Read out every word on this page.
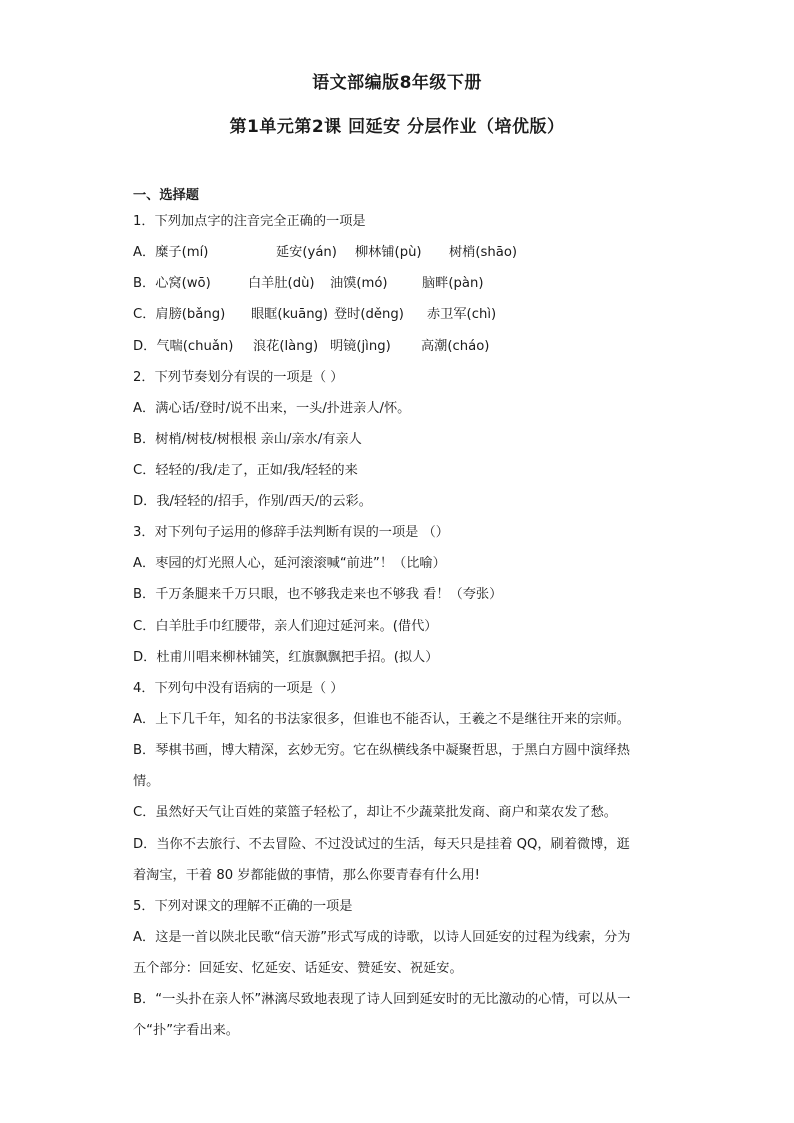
语文部编版8年级下册
第1单元第2课 回延安 分层作业（培优版）
一、选择题
1．下列加点字的注音完全正确的一项是
A．糜子(mí)	延安(yán) 柳林铺(pù) 树梢(shāo)
B．心窝(wō)	白羊肚(dù) 油馍(mó)	脑畔(pàn)
C．肩膀(bǎng) 眼眶(kuāng) 登时(děng) 赤卫军(chì)
D．气喘(chuǎn) 浪花(làng) 明镜(jìng) 高潮(cháo)
2．下列节奏划分有误的一项是（ ）
A．满心话/登时/说不出来，一头/扑进亲人/怀。
B．树梢/树枝/树根根 亲山/亲水/有亲人
C．轻轻的/我/走了，正如/我/轻轻的来
D．我/轻轻的/招手，作别/西天/的云彩。
3．对下列句子运用的修辞手法判断有误的一项是 （）
A．枣园的灯光照人心，延河滚滚喊“前进”！（比喻）
B．千万条腿来千万只眼，也不够我走来也不够我 看！（夸张）
C．白羊肚手巾红腰带，亲人们迎过延河来。(借代）
D．杜甫川唱来柳林铺笑，红旗飘飘把手招。(拟人）
4．下列句中没有语病的一项是（ ）
A．上下几千年，知名的书法家很多，但谁也不能否认，王羲之不是继往开来的宗师。
B．琴棋书画，博大精深，玄妙无穷。它在纵横线条中凝聚哲思，于黑白方圆中演绎热
情。
C．虽然好天气让百姓的菜篮子轻松了，却让不少蔬菜批发商、商户和菜农发了愁。
D．当你不去旅行、不去冒险、不过没试过的生活，每天只是挂着 QQ，刷着微博，逛
着淘宝，干着 80 岁都能做的事情，那么你要青春有什么用!
5．下列对课文的理解不正确的一项是
A．这是一首以陕北民歌“信天游”形式写成的诗歌，以诗人回延安的过程为线索，分为
五个部分：回延安、忆延安、话延安、赞延安、祝延安。
B．“一头扑在亲人怀”淋漓尽致地表现了诗人回到延安时的无比激动的心情，可以从一
个“扑”字看出来。
